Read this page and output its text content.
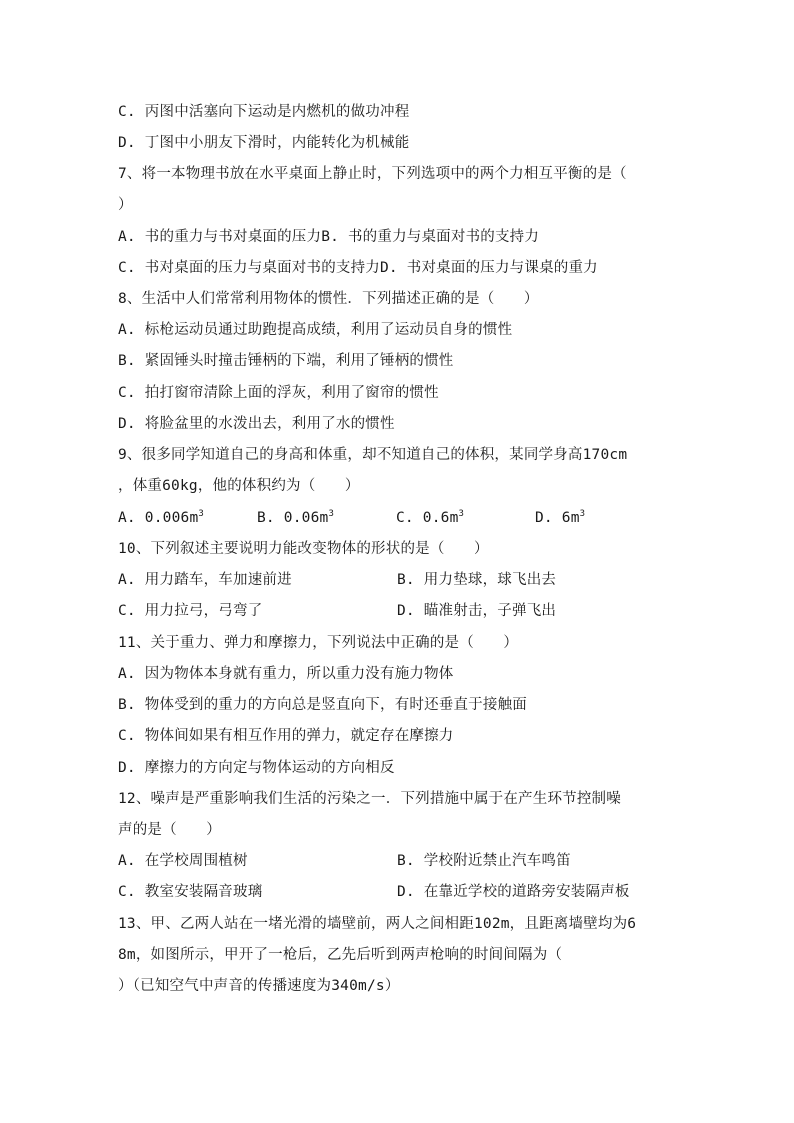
C. 丙图中活塞向下运动是内燃机的做功冲程
D. 丁图中小朋友下滑时，内能转化为机械能
7、将一本物理书放在水平桌面上静止时，下列选项中的两个力相互平衡的是（
）
A. 书的重力与书对桌面的压力B. 书的重力与桌面对书的支持力
C. 书对桌面的压力与桌面对书的支持力D. 书对桌面的压力与课桌的重力
8、生活中人们常常利用物体的惯性．下列描述正确的是（　　）
A. 标枪运动员通过助跑提高成绩，利用了运动员自身的惯性
B. 紧固锤头时撞击锤柄的下端，利用了锤柄的惯性
C. 拍打窗帘清除上面的浮灰，利用了窗帘的惯性
D. 将脸盆里的水泼出去，利用了水的惯性
9、很多同学知道自己的身高和体重，却不知道自己的体积，某同学身高170cm
，体重60kg，他的体积约为（　　）
A. $0.006m^3$	B. $0.06m^3$	C. $0.6m^3$	D. $6m^3$
10、下列叙述主要说明力能改变物体的形状的是（　　）
A. 用力踏车，车加速前进	B. 用力垫球，球飞出去
C. 用力拉弓，弓弯了	D. 瞄准射击，子弹飞出
11、关于重力、弹力和摩擦力，下列说法中正确的是（　　）
A. 因为物体本身就有重力，所以重力没有施力物体
B. 物体受到的重力的方向总是竖直向下，有时还垂直于接触面
C. 物体间如果有相互作用的弹力，就定存在摩擦力
D. 摩擦力的方向定与物体运动的方向相反
12、噪声是严重影响我们生活的污染之一．下列措施中属于在产生环节控制噪
声的是（　　）
A. 在学校周围植树	B. 学校附近禁止汽车鸣笛
C. 教室安装隔音玻璃	D. 在靠近学校的道路旁安装隔声板
13、甲、乙两人站在一堵光滑的墙壁前，两人之间相距102m，且距离墙壁均为6
8m，如图所示，甲开了一枪后，乙先后听到两声枪响的时间间隔为（
）（已知空气中声音的传播速度为340m/s）
